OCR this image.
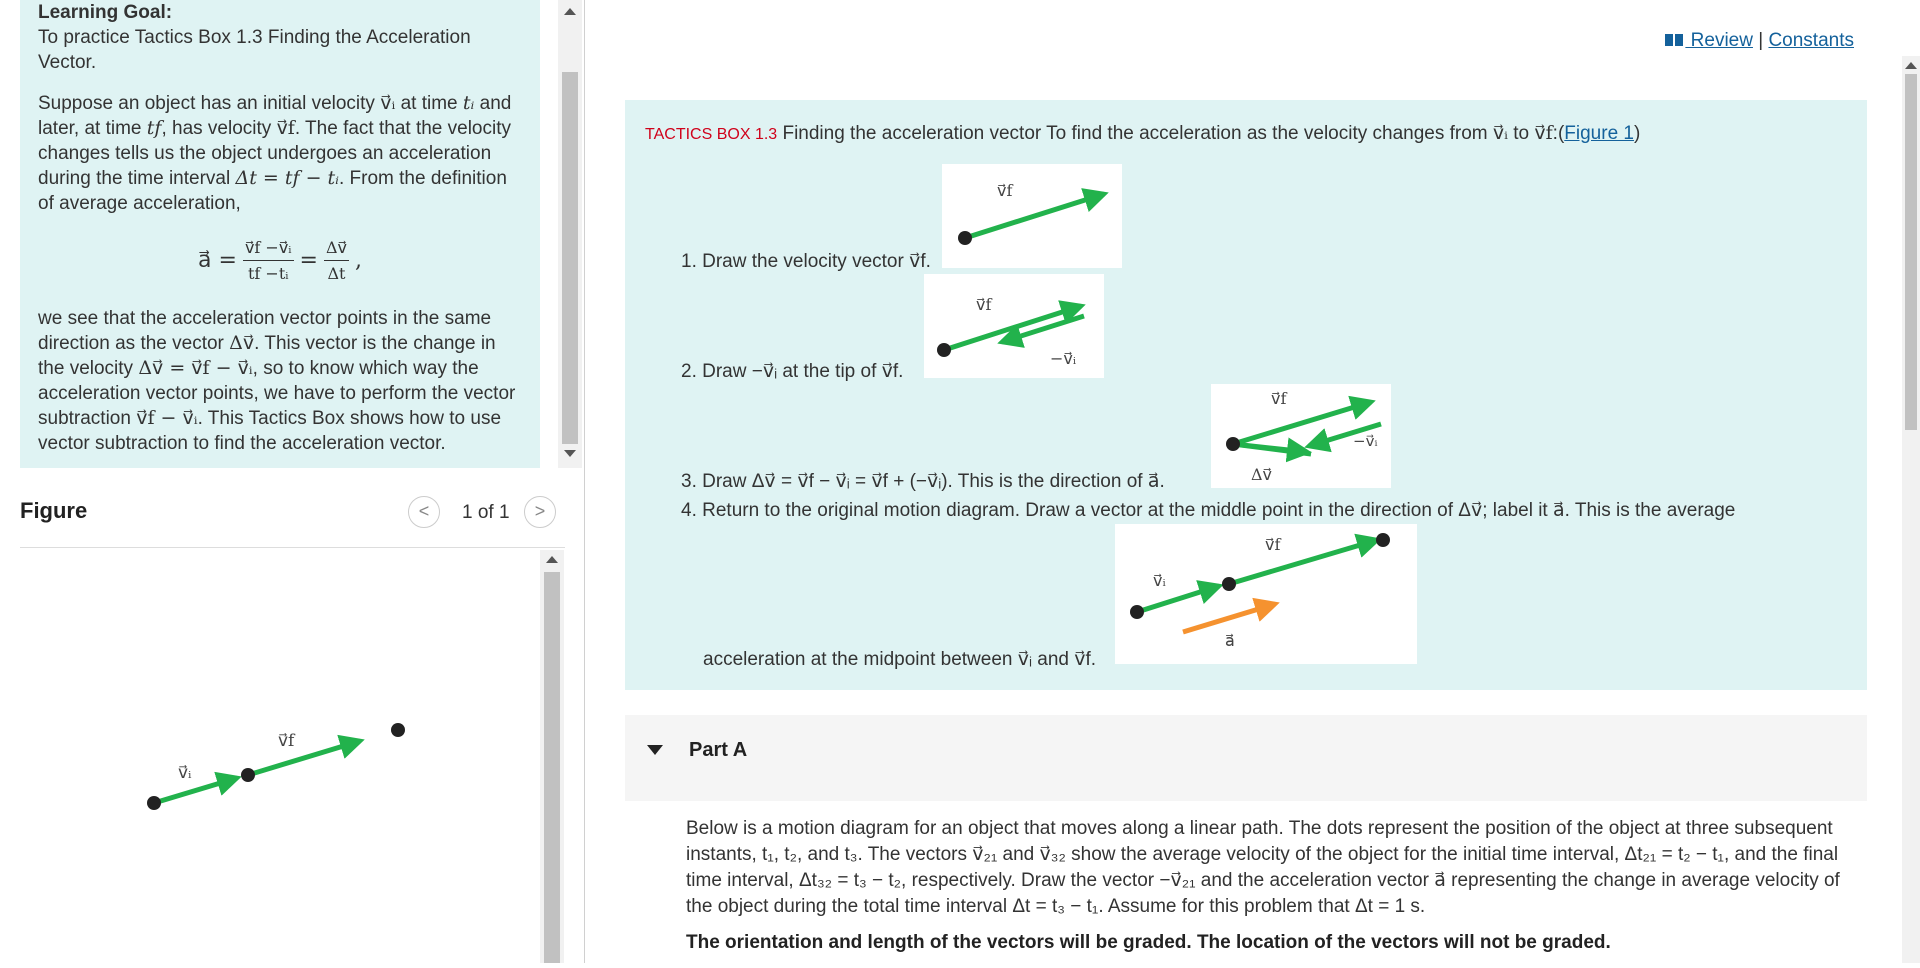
Learning Goal:
To practice Tactics Box 1.3 Finding the Acceleration Vector.
Suppose an object has an initial velocity v⃗ᵢ at time tᵢ and later, at time tf, has velocity v⃗f. The fact that the velocity changes tells us the object undergoes an acceleration during the time interval Δt = tf − tᵢ. From the definition of average acceleration,
a⃗ = $\frac{\text{v⃗f −v⃗ᵢ}}{\text{tf −tᵢ}} = \frac{\Delta v⃗}{\Delta t}$ ,
we see that the acceleration vector points in the same direction as the vector Δv⃗. This vector is the change in the velocity Δv⃗ = v⃗f − v⃗ᵢ, so to know which way the acceleration vector points, we have to perform the vector subtraction v⃗f − v⃗ᵢ. This Tactics Box shows how to use vector subtraction to find the acceleration vector.
Figure	<	1 of 1	>
v⃗ᵢ
v⃗f
Review | Constants
TACTICS BOX 1.3 Finding the acceleration vector To find the acceleration as the velocity changes from v⃗ᵢ to v⃗f:(Figure 1)
v⃗f
1. Draw the velocity vector v⃗f.
v⃗f
−v⃗ᵢ
2. Draw −v⃗ᵢ at the tip of v⃗f.
v⃗f
−v⃗ᵢ
Δv⃗
3. Draw Δv⃗ = v⃗f − v⃗ᵢ = v⃗f + (−v⃗ᵢ). This is the direction of a⃗.
4. Return to the original motion diagram. Draw a vector at the middle point in the direction of Δv⃗; label it a⃗. This is the average
v⃗ᵢ
v⃗f
a⃗
acceleration at the midpoint between v⃗ᵢ and v⃗f.
Part A
Below is a motion diagram for an object that moves along a linear path. The dots represent the position of the object at three subsequent instants, t₁, t₂, and t₃. The vectors v⃗₂₁ and v⃗₃₂ show the average velocity of the object for the initial time interval, Δt₂₁ = t₂ − t₁, and the final time interval, Δt₃₂ = t₃ − t₂, respectively. Draw the vector −v⃗₂₁ and the acceleration vector a⃗ representing the change in average velocity of the object during the total time interval Δt = t₃ − t₁. Assume for this problem that Δt = 1 s.
The orientation and length of the vectors will be graded. The location of the vectors will not be graded.
